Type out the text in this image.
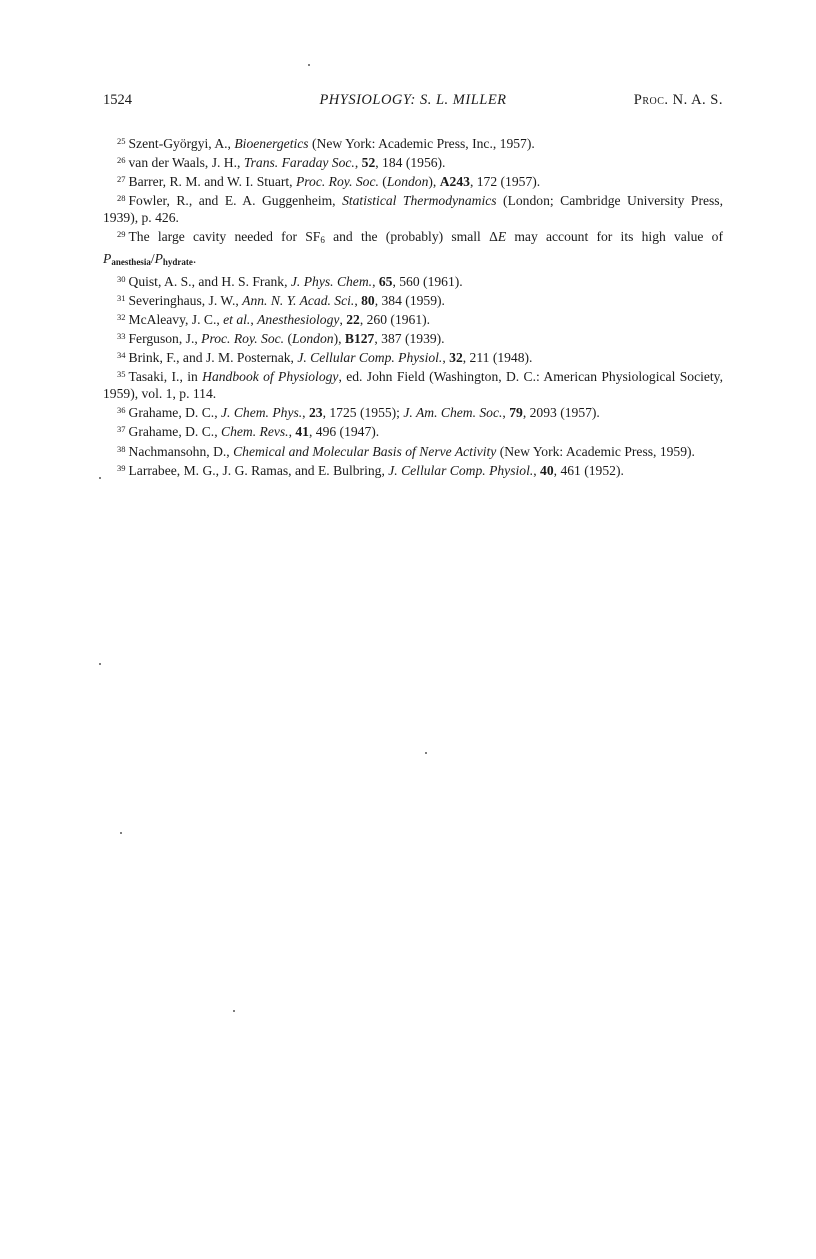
1524	PHYSIOLOGY: S. L. MILLER	Proc. N. A. S.

$^{25}$ Szent-Györgyi, A., Bioenergetics (New York: Academic Press, Inc., 1957).

$^{26}$ van der Waals, J. H., Trans. Faraday Soc., 52, 184 (1956).

$^{27}$ Barrer, R. M. and W. I. Stuart, Proc. Roy. Soc. (London), A243, 172 (1957).

$^{28}$ Fowler, R., and E. A. Guggenheim, Statistical Thermodynamics (London; Cambridge University Press, 1939), p. 426.

$^{29}$ The large cavity needed for $SF_6$ and the (probably) small ΔE may account for its high value of Panesthesia/Phydrate.

$^{30}$ Quist, A. S., and H. S. Frank, J. Phys. Chem., 65, 560 (1961).

$^{31}$ Severinghaus, J. W., Ann. N. Y. Acad. Sci., 80, 384 (1959).

$^{32}$ McAleavy, J. C., et al., Anesthesiology, 22, 260 (1961).

$^{33}$ Ferguson, J., Proc. Roy. Soc. (London), B127, 387 (1939).

$^{34}$ Brink, F., and J. M. Posternak, J. Cellular Comp. Physiol., 32, 211 (1948).

$^{35}$ Tasaki, I., in Handbook of Physiology, ed. John Field (Washington, D. C.: American Physiological Society, 1959), vol. 1, p. 114.

$^{36}$ Grahame, D. C., J. Chem. Phys., 23, 1725 (1955); J. Am. Chem. Soc., 79, 2093 (1957).

$^{37}$ Grahame, D. C., Chem. Revs., 41, 496 (1947).

$^{38}$ Nachmansohn, D., Chemical and Molecular Basis of Nerve Activity (New York: Academic Press, 1959).

$^{39}$ Larrabee, M. G., J. G. Ramas, and E. Bulbring, J. Cellular Comp. Physiol., 40, 461 (1952).
